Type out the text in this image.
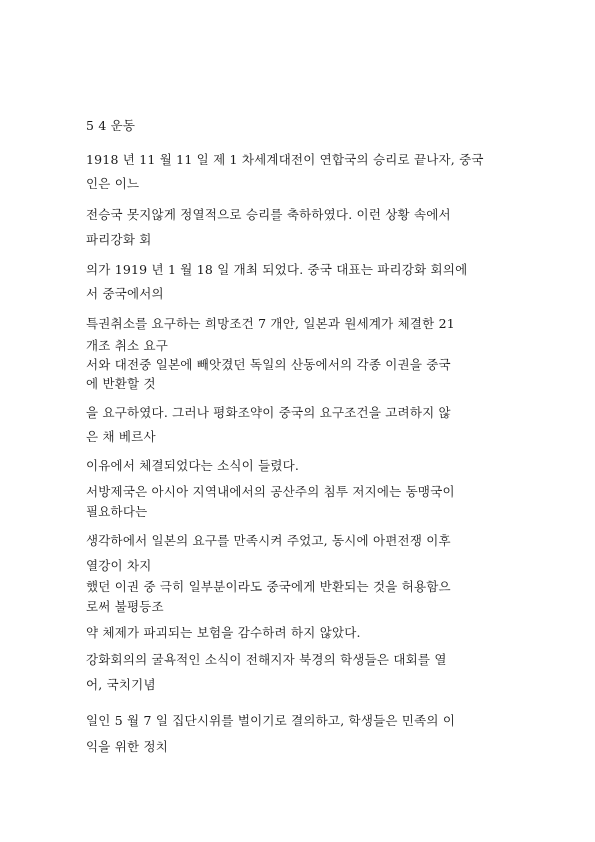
5 4 운동
1918 년 11 월 11 일 제 1 차세계대전이 연합국의 승리로 끝나자, 중국
인은 이느
전승국 못지않게 정열적으로 승리를 축하하였다. 이런 상황 속에서
파리강화 회
의가 1919 년 1 월 18 일 개최 되었다. 중국 대표는 파리강화 회의에
서 중국에서의
특권취소를 요구하는 희망조건 7 개안, 일본과 원세계가 체결한 21
개조 취소 요구
서와 대전중 일본에 빼앗겼던 독일의 산동에서의 각종 이권을 중국
에 반환할 것
을 요구하였다. 그러나 평화조약이 중국의 요구조건을 고려하지 않
은 채 베르사
이유에서 체결되었다는 소식이 들렸다.
서방제국은 아시아 지역내에서의 공산주의 침투 저지에는 동맹국이
필요하다는
생각하에서 일본의 요구를 만족시켜 주었고, 동시에 아편전쟁 이후
열강이 차지
했던 이권 중 극히 일부분이라도 중국에게 반환되는 것을 허용함으
로써 불평등조
약 체제가 파괴되는 보험을 감수하려 하지 않았다.
강화회의의 굴욕적인 소식이 전해지자 북경의 학생들은 대회를 열
어, 국치기념
일인 5 월 7 일 집단시위를 벌이기로 결의하고, 학생들은 민족의 이
익을 위한 정치
